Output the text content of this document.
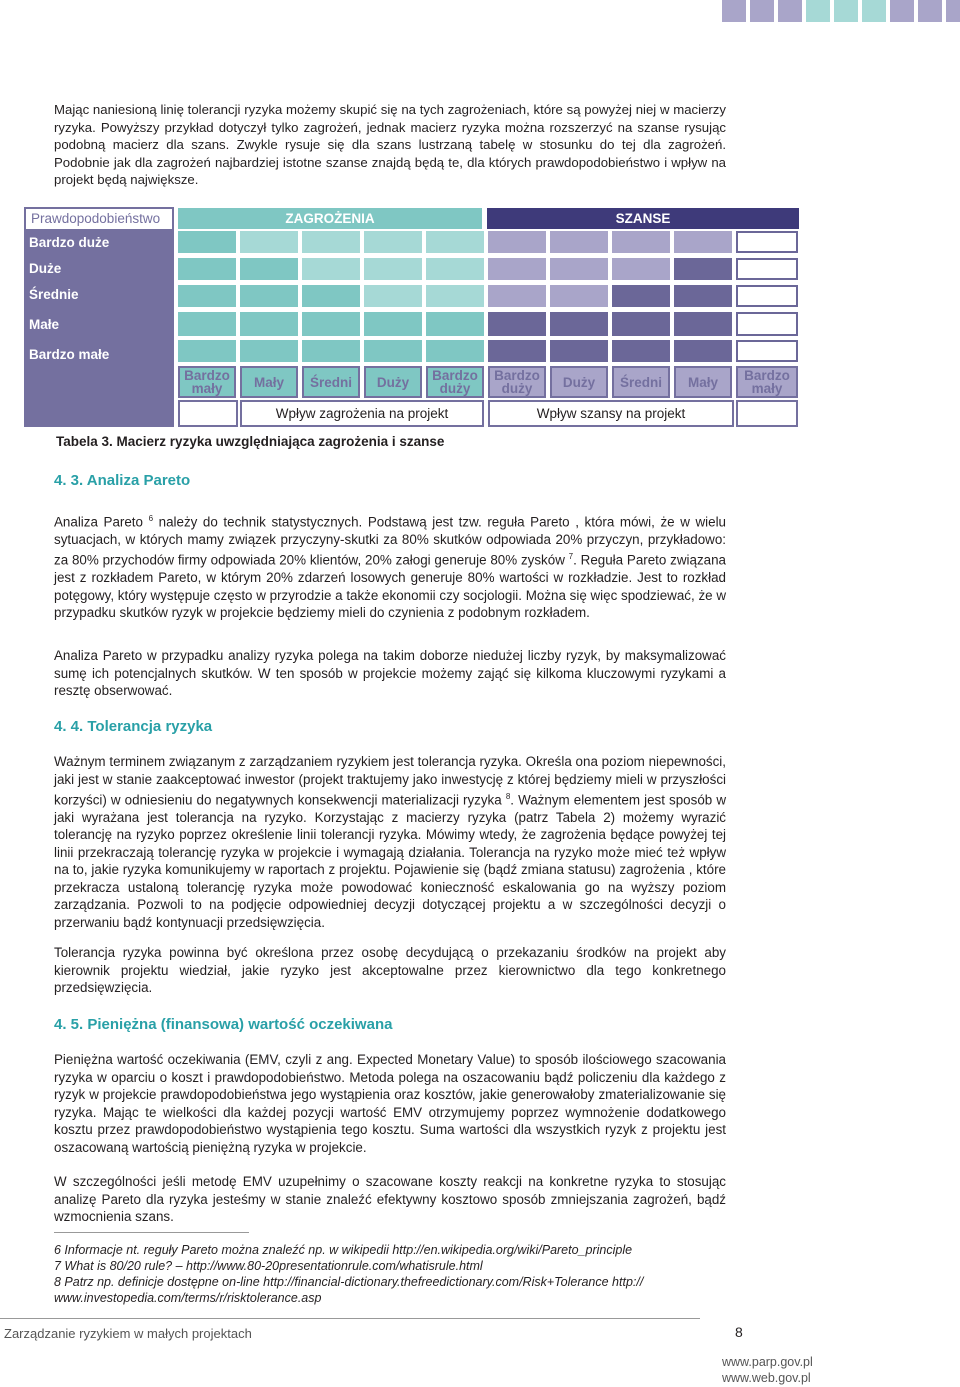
Mając naniesioną linię tolerancji ryzyka możemy skupić się na tych zagrożeniach, które są powyżej niej w macierzy ryzyka. Powyższy przykład dotyczył tylko zagrożeń, jednak macierz ryzyka można rozszerzyć na szanse rysując podobną macierz dla szans. Zwykle rysuje się dla szans lustrzaną tabelę w stosunku do tej dla zagrożeń. Podobnie jak dla zagrożeń najbardziej istotne szanse znajdą będą te, dla których prawdopodobieństwo i wpływ na projekt będą największe.

Prawdopodobieństwo
Bardzo duże
Duże
Średnie
Małe
Bardzo małe
ZAGROŻENIA	SZANSE
Bardzo mały	Mały	Średni	Duży	Bardzo duży
Bardzo duży	Duży	Średni	Mały	Bardzo mały
Wpływ zagrożenia na projekt	Wpływ szansy na projekt

Tabela 3. Macierz ryzyka uwzględniająca zagrożenia i szanse

4. 3. Analiza Pareto

Analiza Pareto $^6$ należy do technik statystycznych. Podstawą jest tzw. reguła Pareto , która mówi, że w wielu sytuacjach, w których mamy związek przyczyny-skutki za 80% skutków odpowiada 20% przyczyn, przykładowo: za 80% przychodów firmy odpowiada 20% klientów, 20% załogi generuje 80% zysków $^7$. Reguła Pareto związana jest z rozkładem Pareto, w którym 20% zdarzeń losowych generuje 80% wartości w rozkładzie. Jest to rozkład potęgowy, który występuje często w przyrodzie a także ekonomii czy socjologii. Można się więc spodziewać, że w przypadku skutków ryzyk w projekcie będziemy mieli do czynienia z podobnym rozkładem.

Analiza Pareto w przypadku analizy ryzyka polega na takim doborze niedużej liczby ryzyk, by maksymalizować sumę ich potencjalnych skutków. W ten sposób w projekcie możemy zająć się kilkoma kluczowymi ryzykami a resztę obserwować.

4. 4. Tolerancja ryzyka

Ważnym terminem związanym z zarządzaniem ryzykiem jest tolerancja ryzyka. Określa ona poziom niepewności, jaki jest w stanie zaakceptować inwestor (projekt traktujemy jako inwestycję z której będziemy mieli w przyszłości korzyści) w odniesieniu do negatywnych konsekwencji materializacji ryzyka $^8$. Ważnym elementem jest sposób w jaki wyrażana jest tolerancja na ryzyko. Korzystając z macierzy ryzyka (patrz Tabela 2) możemy wyrazić tolerancję na ryzyko poprzez określenie linii tolerancji ryzyka. Mówimy wtedy, że zagrożenia będące powyżej tej linii przekraczają tolerancję ryzyka w projekcie i wymagają działania. Tolerancja na ryzyko może mieć też wpływ na to, jakie ryzyka komunikujemy w raportach z projektu. Pojawienie się (bądź zmiana statusu) zagrożenia , które przekracza ustaloną tolerancję ryzyka może powodować konieczność eskalowania go na wyższy poziom zarządzania. Pozwoli to na podjęcie odpowiedniej decyzji dotyczącej projektu a w szczególności decyzji o przerwaniu bądź kontynuacji przedsięwzięcia.

Tolerancja ryzyka powinna być określona przez osobę decydującą o przekazaniu środków na projekt aby kierownik projektu wiedział, jakie ryzyko jest akceptowalne przez kierownictwo dla tego konkretnego przedsięwzięcia.

4. 5. Pieniężna (finansowa) wartość oczekiwana

Pieniężna wartość oczekiwania (EMV, czyli z ang. Expected Monetary Value) to sposób ilościowego szacowania ryzyka w oparciu o koszt i prawdopodobieństwo. Metoda polega na oszacowaniu bądź policzeniu dla każdego z ryzyk w projekcie prawdopodobieństwa jego wystąpienia oraz kosztów, jakie generowałoby zmaterializowanie się ryzyka. Mając te wielkości dla każdej pozycji wartość EMV otrzymujemy poprzez wymnożenie dodatkowego kosztu przez prawdopodobieństwo wystąpienia tego kosztu. Suma wartości dla wszystkich ryzyk z projektu jest oszacowaną wartością pieniężną ryzyka w projekcie.

W szczególności jeśli metodę EMV uzupełnimy o szacowane koszty reakcji na konkretne ryzyka to stosując analizę Pareto dla ryzyka jesteśmy w stanie znaleźć efektywny kosztowo sposób zmniejszania zagrożeń, bądź wzmocnienia szans.

6 Informacje nt. reguły Pareto można znaleźć np. w wikipedii http://en.wikipedia.org/wiki/Pareto_principle

7 What is 80/20 rule? – http://www.80-20presentationrule.com/whatisrule.html

8 Patrz np. definicje dostępne on-line http://financial-dictionary.thefreedictionary.com/Risk+Tolerance http://

www.investopedia.com/terms/r/risktolerance.asp

Zarządzanie ryzykiem w małych projektach	8
www.parp.gov.pl
www.web.gov.pl
